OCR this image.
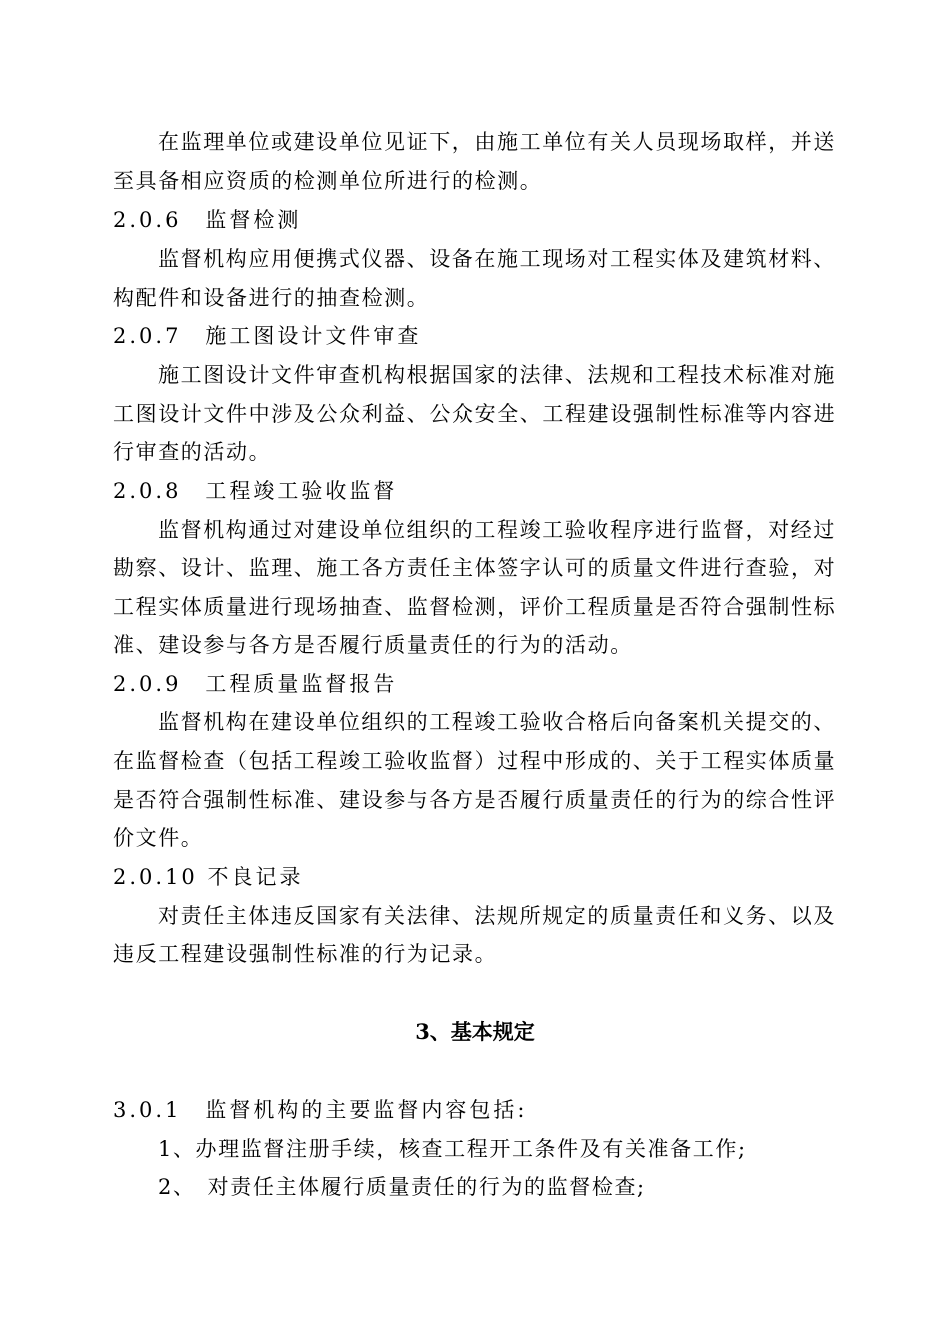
在监理单位或建设单位见证下，由施工单位有关人员现场取样，并送
至具备相应资质的检测单位所进行的检测。
2.0.6　监督检测
监督机构应用便携式仪器、设备在施工现场对工程实体及建筑材料、
构配件和设备进行的抽查检测。
2.0.7　施工图设计文件审查
施工图设计文件审查机构根据国家的法律、法规和工程技术标准对施
工图设计文件中涉及公众利益、公众安全、工程建设强制性标准等内容进
行审查的活动。
2.0.8　工程竣工验收监督
监督机构通过对建设单位组织的工程竣工验收程序进行监督，对经过
勘察、设计、监理、施工各方责任主体签字认可的质量文件进行查验，对
工程实体质量进行现场抽查、监督检测，评价工程质量是否符合强制性标
准、建设参与各方是否履行质量责任的行为的活动。
2.0.9　工程质量监督报告
监督机构在建设单位组织的工程竣工验收合格后向备案机关提交的、
在监督检查（包括工程竣工验收监督）过程中形成的、关于工程实体质量
是否符合强制性标准、建设参与各方是否履行质量责任的行为的综合性评
价文件。
2.0.10 不良记录
对责任主体违反国家有关法律、法规所规定的质量责任和义务、以及
违反工程建设强制性标准的行为记录。
3、基本规定
3.0.1　监督机构的主要监督内容包括:
1、办理监督注册手续，核查工程开工条件及有关准备工作;
2、　对责任主体履行质量责任的行为的监督检查;
